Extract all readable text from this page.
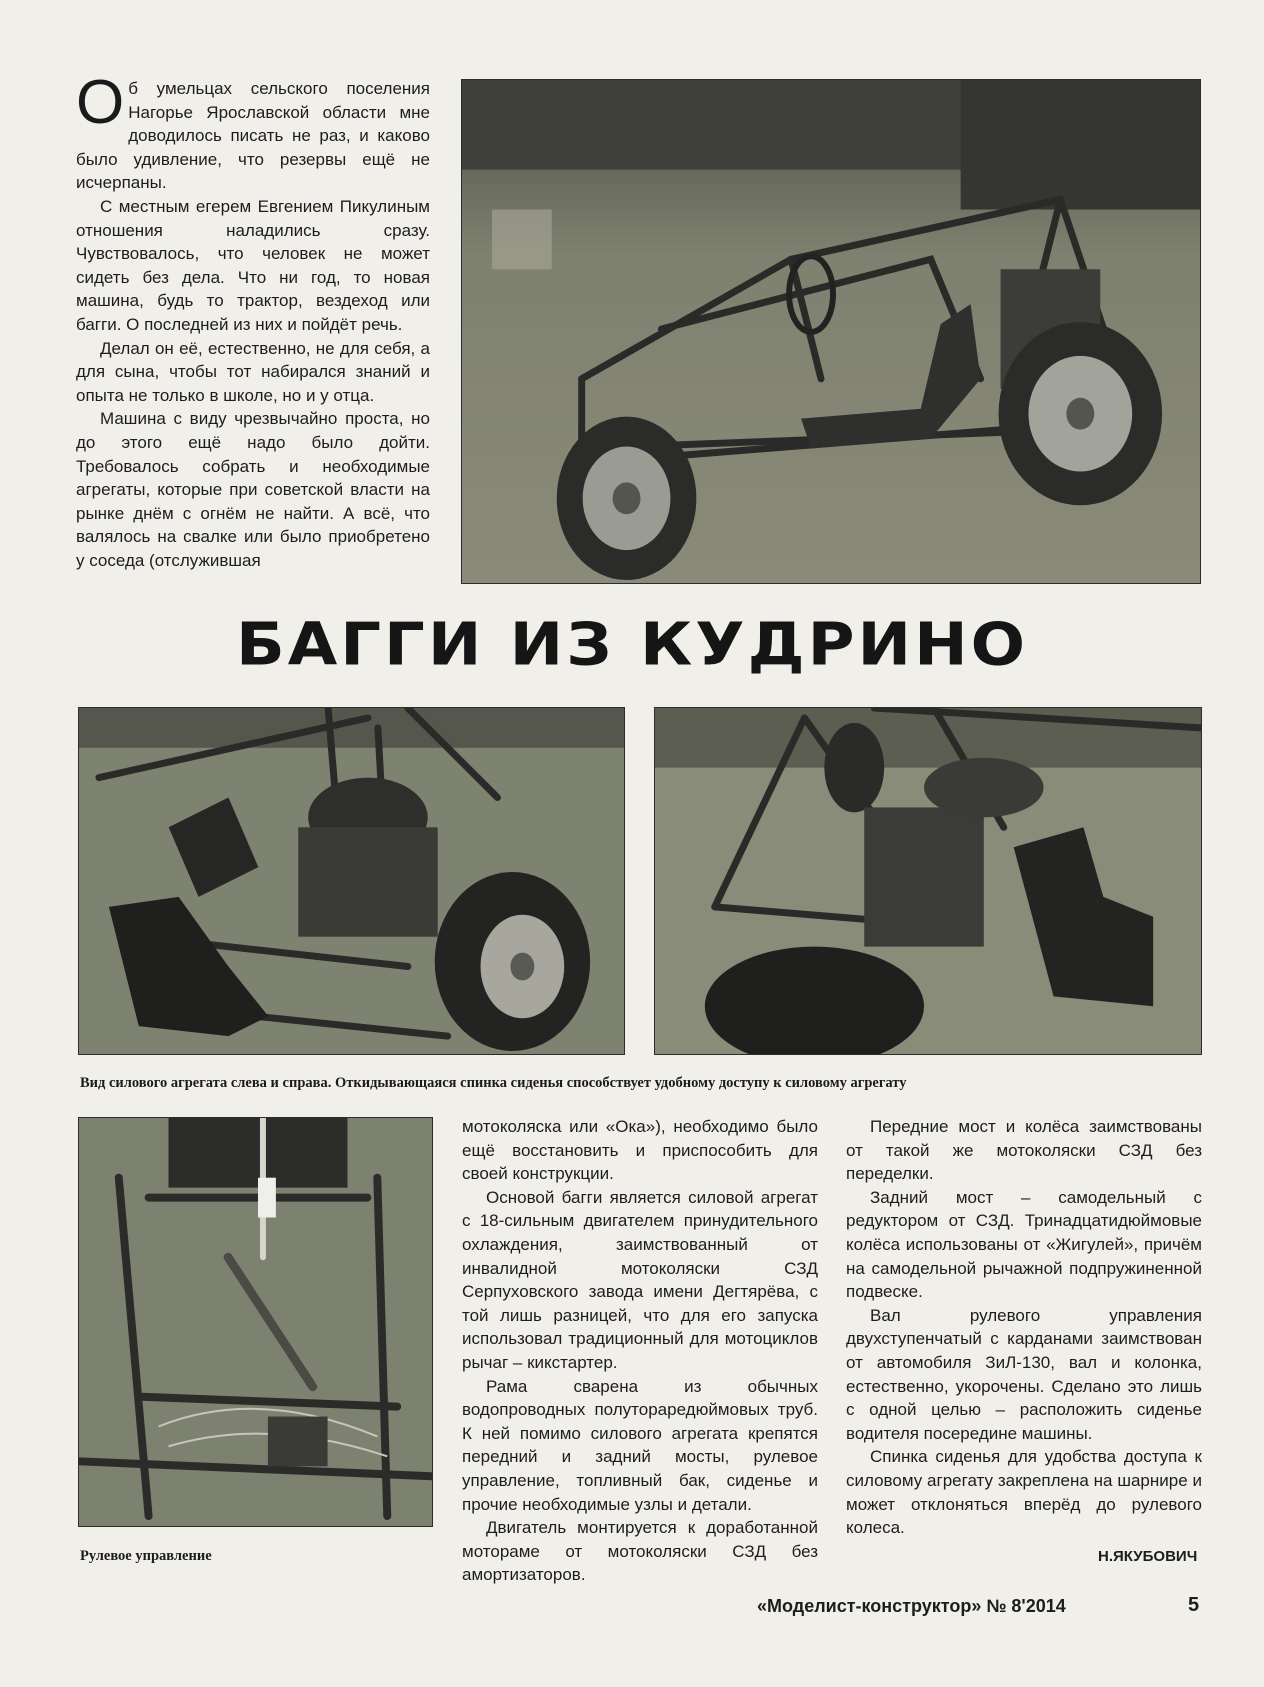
Об умельцах сельского поселения Нагорье Ярославской области мне доводилось писать не раз, и каково было удивление, что резервы ещё не исчерпаны.

С местным егерем Евгением Пикулиным отношения наладились сразу. Чувствовалось, что человек не может сидеть без дела. Что ни год, то новая машина, будь то трактор, вездеход или багги. О последней из них и пойдёт речь.

Делал он её, естественно, не для себя, а для сына, чтобы тот набирался знаний и опыта не только в школе, но и у отца.

Машина с виду чрезвычайно проста, но до этого ещё надо было дойти. Требовалось собрать и необходимые агрегаты, которые при советской власти на рынке днём с огнём не найти. А всё, что валялось на свалке или было приобретено у соседа (отслужившая

БАГГИ ИЗ КУДРИНО
Вид силового агрегата слева и справа. Откидывающаяся спинка сиденья способствует удобному доступу к силовому агрегату

мотоколяска или «Ока»), необходимо было ещё восстановить и приспособить для своей конструкции.

Основой багги является силовой агрегат с 18-сильным двигателем принудительного охлаждения, заимствованный от инвалидной мотоколяски СЗД Серпуховского завода имени Дегтярёва, с той лишь разницей, что для его запуска использовал традиционный для мотоциклов рычаг – кикстартер.

Рама сварена из обычных водопроводных полутораредюймовых труб. К ней помимо силового агрегата крепятся передний и задний мосты, рулевое управление, топливный бак, сиденье и прочие необходимые узлы и детали.

Двигатель монтируется к доработанной мотораме от мотоколяски СЗД без амортизаторов.

Передние мост и колёса заимствованы от такой же мотоколяски СЗД без переделки.

Задний мост – самодельный с редуктором от СЗД. Тринадцатидюймовые колёса использованы от «Жигулей», причём на самодельной рычажной подпружиненной подвеске.

Вал рулевого управления двухступенчатый с карданами заимствован от автомобиля ЗиЛ-130, вал и колонка, естественно, укорочены. Сделано это лишь с одной целью – расположить сиденье водителя посередине машины.

Спинка сиденья для удобства доступа к силовому агрегату закреплена на шарнире и может отклоняться вперёд до рулевого колеса.

Рулевое управление	Н.ЯКУБОВИЧ
«Моделист-конструктор» № 8'2014	5
